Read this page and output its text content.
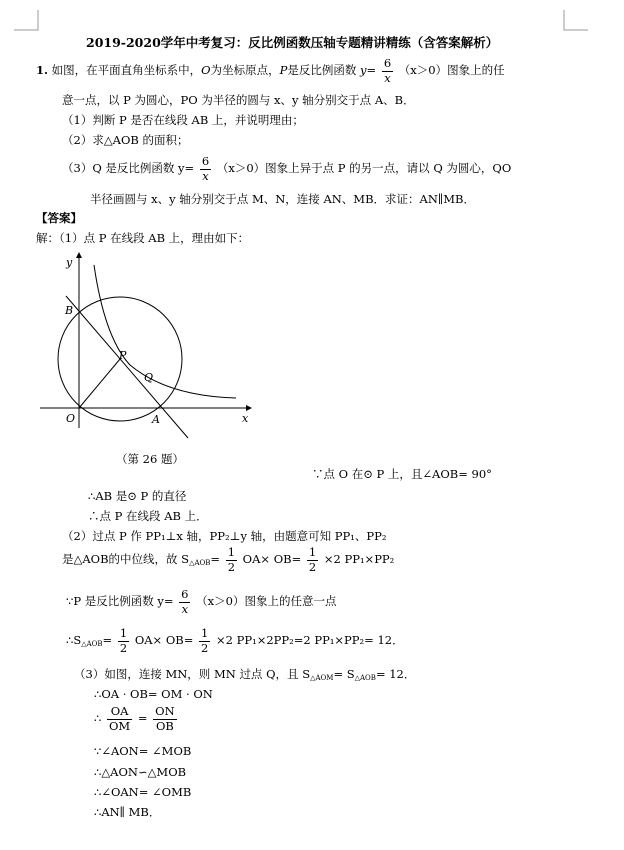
2019-2020学年中考复习：反比例函数压轴专题精讲精练（含答案解析）
1. 如图，在平面直角坐标系中，O为坐标原点，P是反比例函数 $y= \frac{6}{x} (x>0)$图象上的任
意一点，以 P 为圆心，PO 为半径的圆与 x、y 轴分别交于点 A、B．
（1）判断 P 是否在线段 AB 上，并说明理由；
（2）求△AOB 的面积；
（3）Q 是反比例函数 $y= \frac{6}{x} (x>0)$图象上异于点 P 的另一点，请以 Q 为圆心，QO
半径画圆与 x、y 轴分别交于点 M、N，连接 AN、MB．求证：AN∥MB．
【答案】
解：（1）点 P 在线段 AB 上，理由如下：
y
B
P
Q
O	A	x
（第 26 题）
∵点 O 在⊙ P 上，且∠AOB= 90°
∴AB 是⊙ P 的直径
∴点 P 在线段 AB 上．
（2）过点 P 作 PP₁⊥x 轴，PP₂⊥y 轴，由题意可知 PP₁、PP₂
是△AOB的中位线，故 $S_{\triangle AOB}= \frac{1}{2} OA\times OB= \frac{1}{2} \times 2$ PP₁×PP₂
∵P 是反比例函数 $y= \frac{6}{x} (x>0)$图象上的任意一点
$\therefore S_{\triangle AOB}= \frac{1}{2} OA\times OB= \frac{1}{2} \times 2$ PP₁×2PP₂=2 PP₁×PP₂= 12．
（3）如图，连接 MN，则 MN 过点 Q，且 $S_{\triangle AOM}= S_{\triangle AOB}= 12$．
∴OA · OB= OM · ON
∴ $\frac{OA}{OM} = \frac{ON}{OB}$
∵∠AON= ∠MOB
∴△AON∽△MOB
∴∠OAN= ∠OMB
∴AN∥ MB．
